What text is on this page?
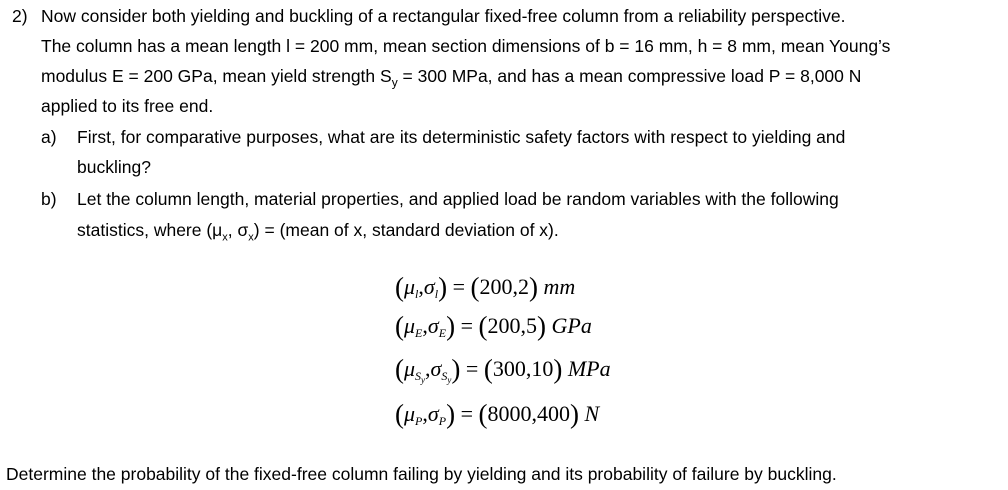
2) Now consider both yielding and buckling of a rectangular fixed-free column from a reliability perspective.
The column has a mean length l = 200 mm, mean section dimensions of b = 16 mm, h = 8 mm, mean Young’s
modulus E = 200 GPa, mean yield strength $S_y = 300$ MPa, and has a mean compressive load P = 8,000 N
applied to its free end.
a) First, for comparative purposes, what are its deterministic safety factors with respect to yielding and
buckling?
b) Let the column length, material properties, and applied load be random variables with the following
statistics, where ($\mu_x$, $\sigma_x$) = (mean of x, standard deviation of x).
$(\mu_l,\sigma_l) = (200,2)$ mm
$(\mu_E,\sigma_E) = (200,5)$ GPa
$(\mu_{S_y},\sigma_{S_y}) = (300,10)$ MPa
$(\mu_P,\sigma_P) = (8000,400)$ N
Determine the probability of the fixed-free column failing by yielding and its probability of failure by buckling.
